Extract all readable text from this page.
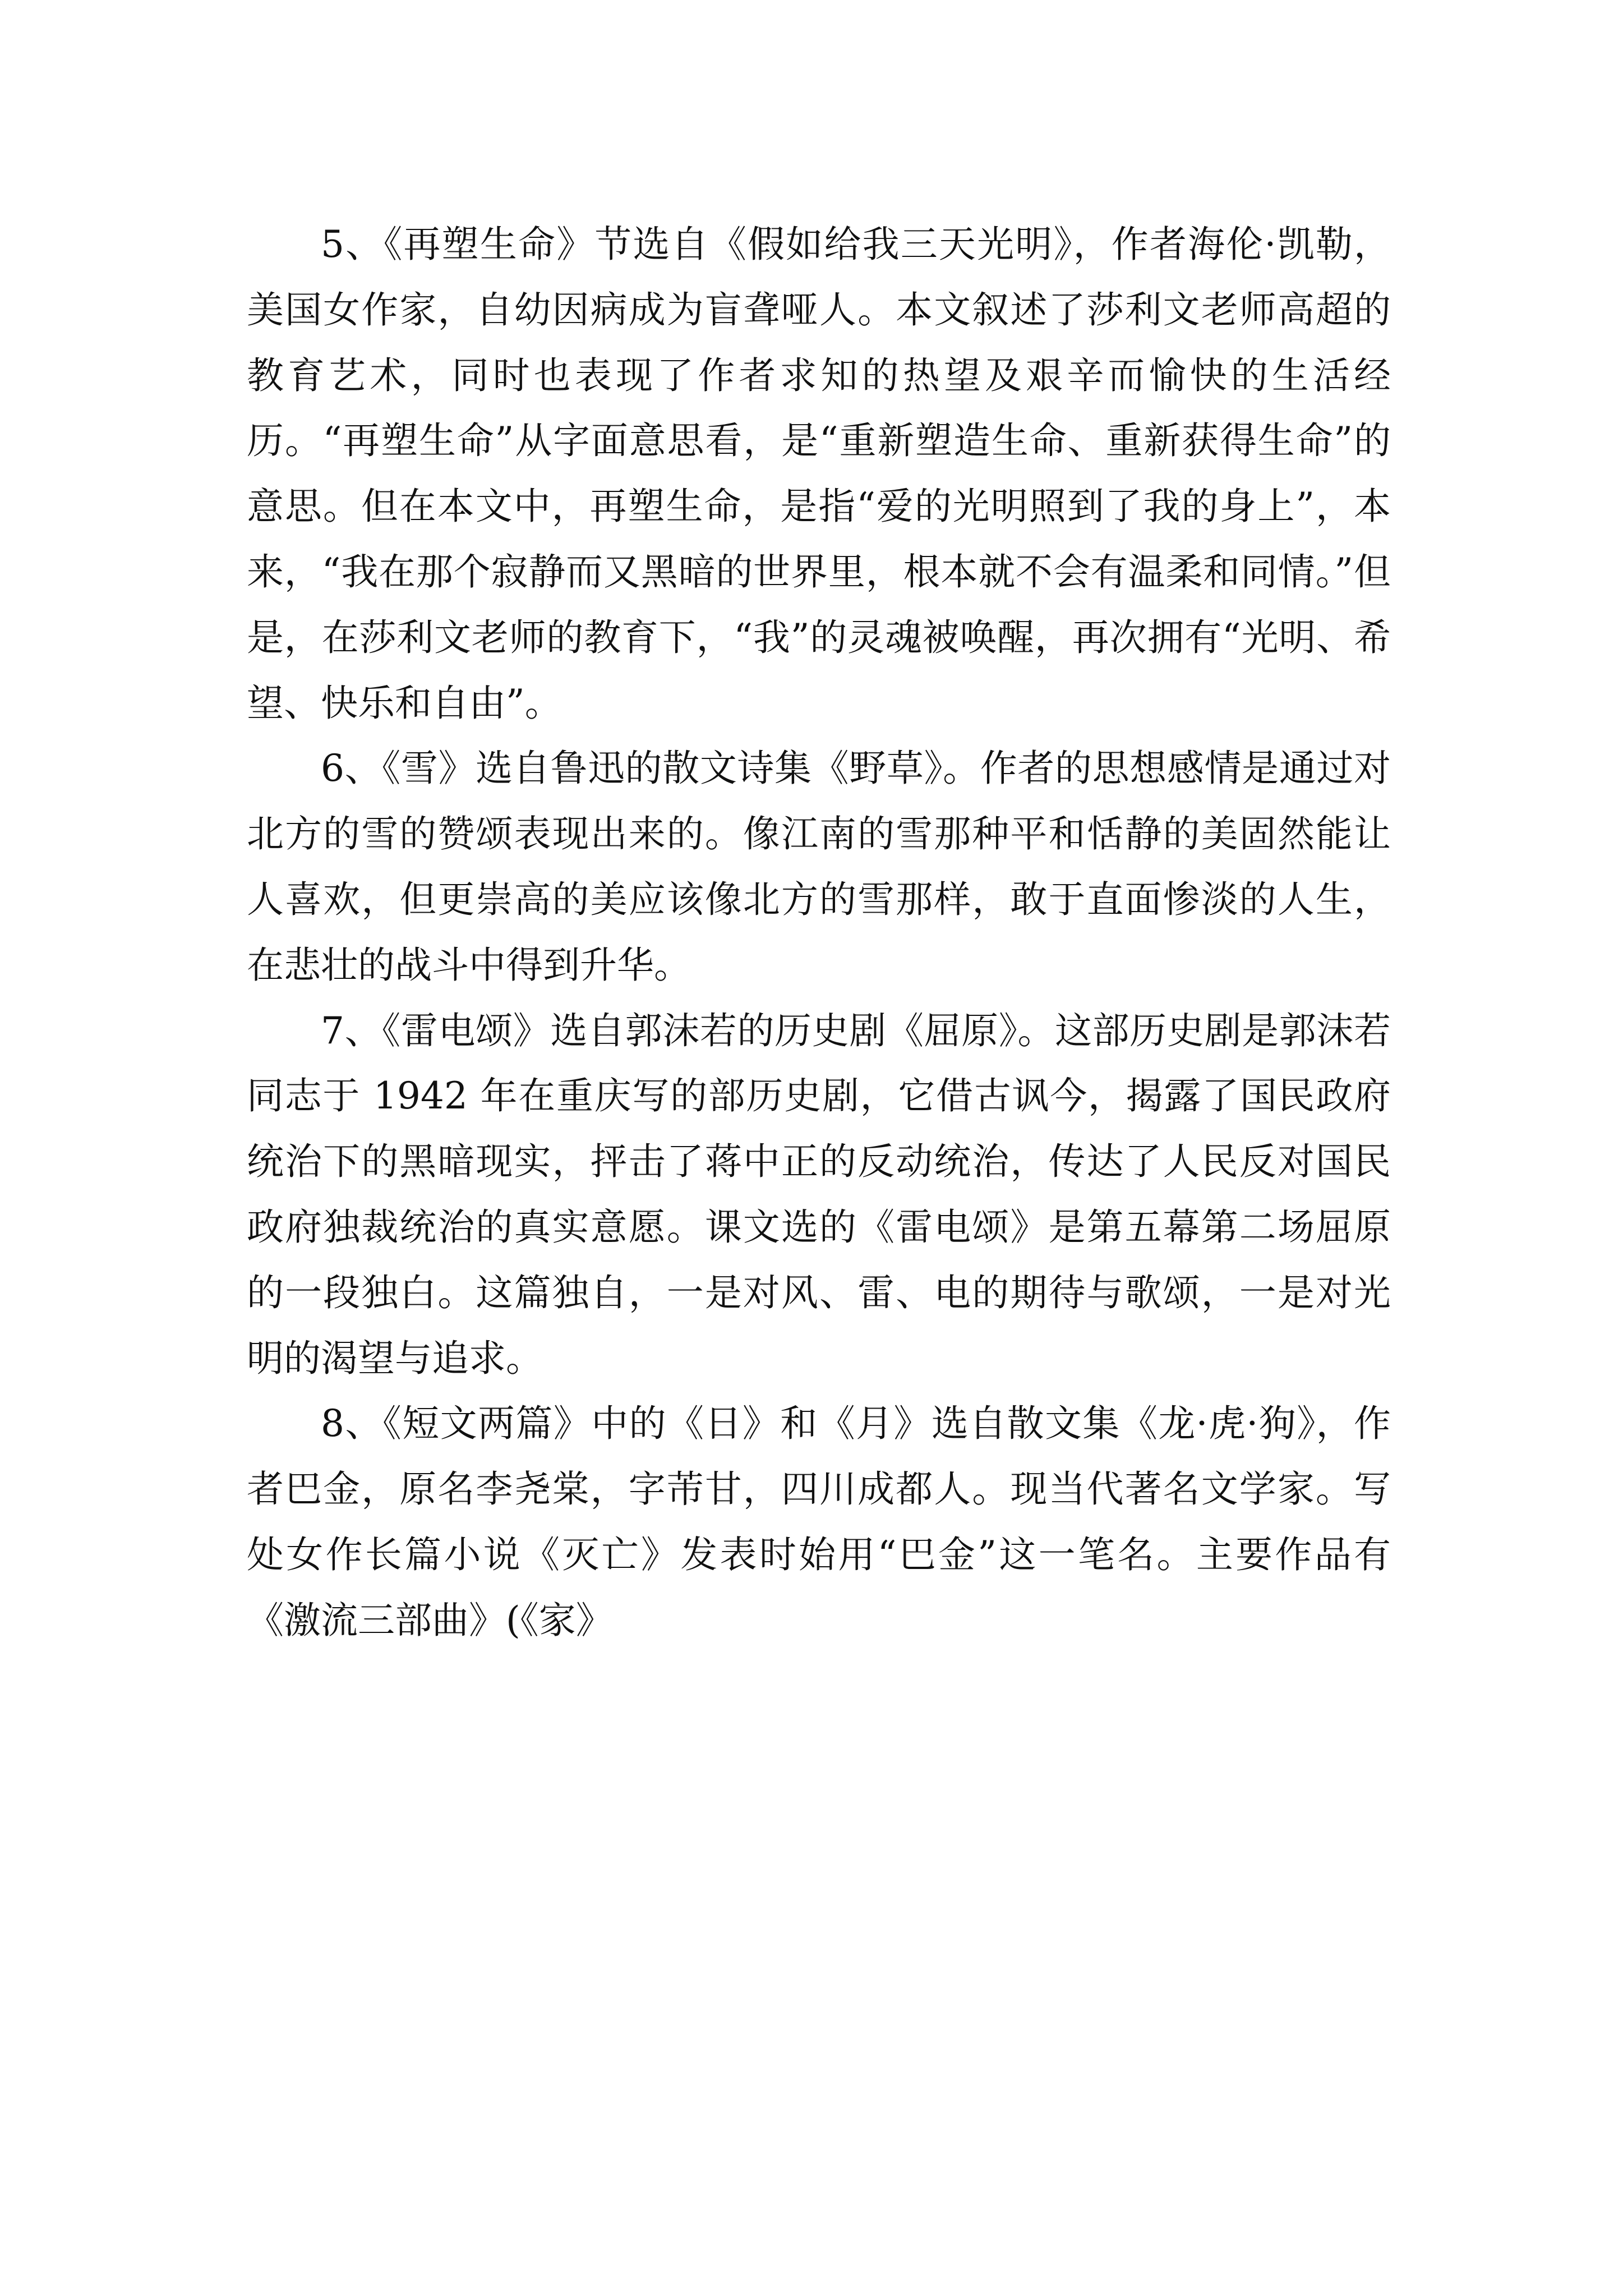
5、《再塑生命》节选自《假如给我三天光明》，作者海伦·凯勒，美国女作家，自幼因病成为盲聋哑人。本文叙述了莎利文老师高超的教育艺术，同时也表现了作者求知的热望及艰辛而愉快的生活经历。“再塑生命”从字面意思看，是“重新塑造生命、重新获得生命”的意思。但在本文中，再塑生命，是指“爱的光明照到了我的身上”，本来，“我在那个寂静而又黑暗的世界里，根本就不会有温柔和同情。”但是，在莎利文老师的教育下，“我”的灵魂被唤醒，再次拥有“光明、希望、快乐和自由”。

6、《雪》选自鲁迅的散文诗集《野草》。作者的思想感情是通过对北方的雪的赞颂表现出来的。像江南的雪那种平和恬静的美固然能让人喜欢，但更崇高的美应该像北方的雪那样，敢于直面惨淡的人生，在悲壮的战斗中得到升华。

7、《雷电颂》选自郭沫若的历史剧《屈原》。这部历史剧是郭沫若同志于 1942 年在重庆写的部历史剧，它借古讽今，揭露了国民政府统治下的黑暗现实，抨击了蒋中正的反动统治，传达了人民反对国民政府独裁统治的真实意愿。课文选的《雷电颂》是第五幕第二场屈原的一段独白。这篇独自，一是对风、雷、电的期待与歌颂，一是对光明的渴望与追求。

8、《短文两篇》中的《日》和《月》选自散文集《龙·虎·狗》，作者巴金，原名李尧棠，字芾甘，四川成都人。现当代著名文学家。写处女作长篇小说《灭亡》发表时始用“巴金”这一笔名。主要作品有《激流三部曲》(《家》
